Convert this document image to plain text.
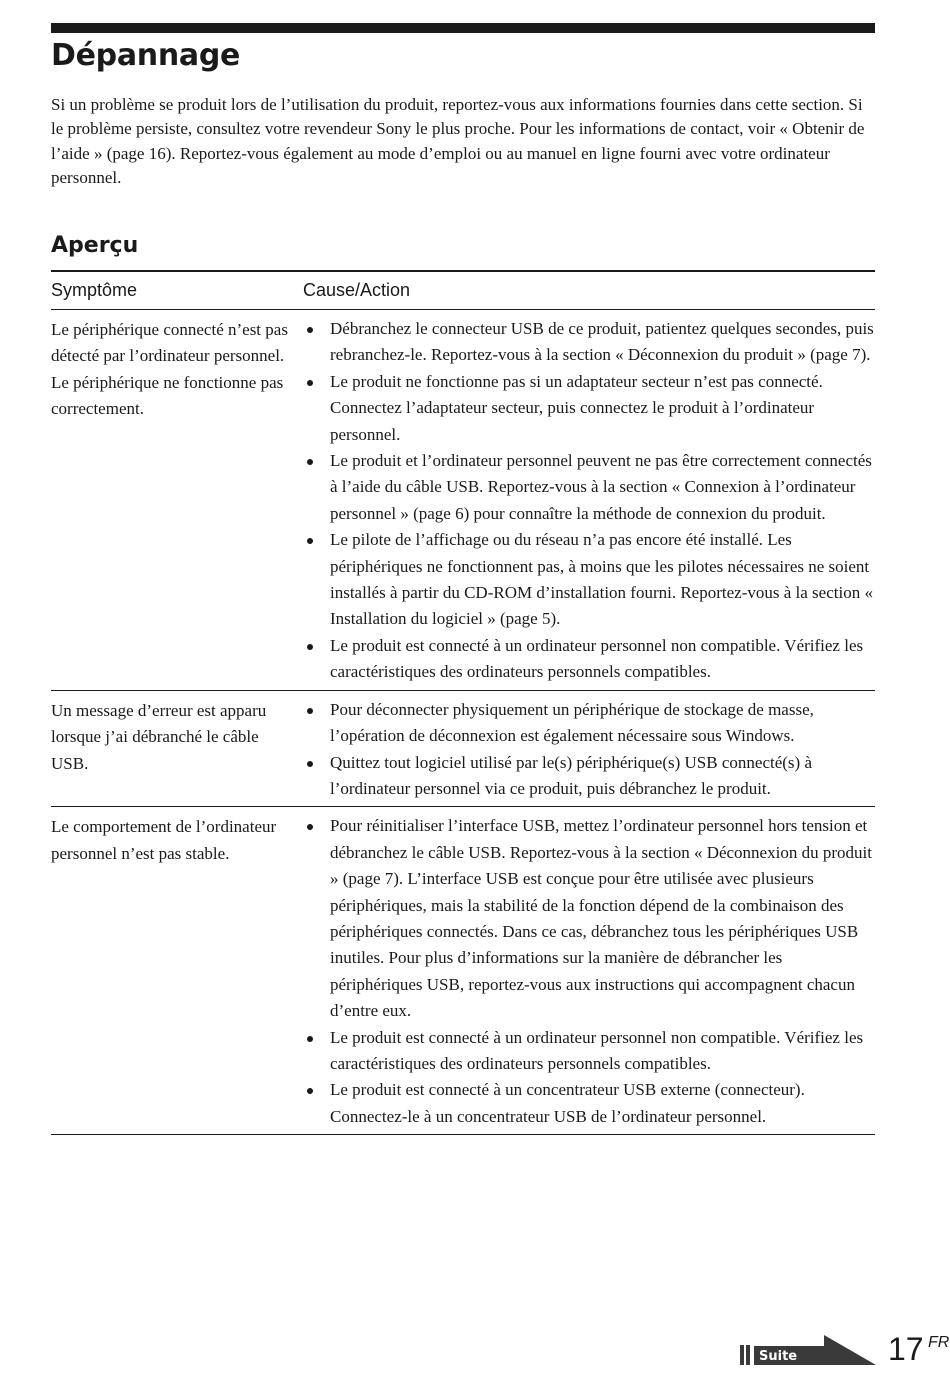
Dépannage

Si un problème se produit lors de l’utilisation du produit, reportez-vous aux informations fournies dans cette section. Si le problème persiste, consultez votre revendeur Sony le plus proche. Pour les informations de contact, voir « Obtenir de l’aide » (page 16). Reportez-vous également au mode d’emploi ou au manuel en ligne fourni avec votre ordinateur personnel.

Aperçu
Symptôme	Cause/Action
Le périphérique connecté n’est pas détecté par l’ordinateur personnel. Le périphérique ne fonctionne pas correctement.
Débranchez le connecteur USB de ce produit, patientez quelques secondes, puis rebranchez-le. Reportez-vous à la section « Déconnexion du produit » (page 7).
Le produit ne fonctionne pas si un adaptateur secteur n’est pas connecté. Connectez l’adaptateur secteur, puis connectez le produit à l’ordinateur personnel.
Le produit et l’ordinateur personnel peuvent ne pas être correctement connectés à l’aide du câble USB. Reportez-vous à la section « Connexion à l’ordinateur personnel » (page 6) pour connaître la méthode de connexion du produit.
Le pilote de l’affichage ou du réseau n’a pas encore été installé. Les périphériques ne fonctionnent pas, à moins que les pilotes nécessaires ne soient installés à partir du CD-ROM d’installation fourni. Reportez-vous à la section « Installation du logiciel » (page 5).
Le produit est connecté à un ordinateur personnel non compatible. Vérifiez les caractéristiques des ordinateurs personnels compatibles.
Un message d’erreur est apparu lorsque j’ai débranché le câble USB.
Pour déconnecter physiquement un périphérique de stockage de masse, l’opération de déconnexion est également nécessaire sous Windows.
Quittez tout logiciel utilisé par le(s) périphérique(s) USB connecté(s) à l’ordinateur personnel via ce produit, puis débranchez le produit.
Le comportement de l’ordinateur personnel n’est pas stable.
Pour réinitialiser l’interface USB, mettez l’ordinateur personnel hors tension et débranchez le câble USB. Reportez-vous à la section « Déconnexion du produit » (page 7). L’interface USB est conçue pour être utilisée avec plusieurs périphériques, mais la stabilité de la fonction dépend de la combinaison des périphériques connectés. Dans ce cas, débranchez tous les périphériques USB inutiles. Pour plus d’informations sur la manière de débrancher les périphériques USB, reportez-vous aux instructions qui accompagnent chacun d’entre eux.
Le produit est connecté à un ordinateur personnel non compatible. Vérifiez les caractéristiques des ordinateurs personnels compatibles.
Le produit est connecté à un concentrateur USB externe (connecteur). Connectez-le à un concentrateur USB de l’ordinateur personnel.
Suite	17 FR
